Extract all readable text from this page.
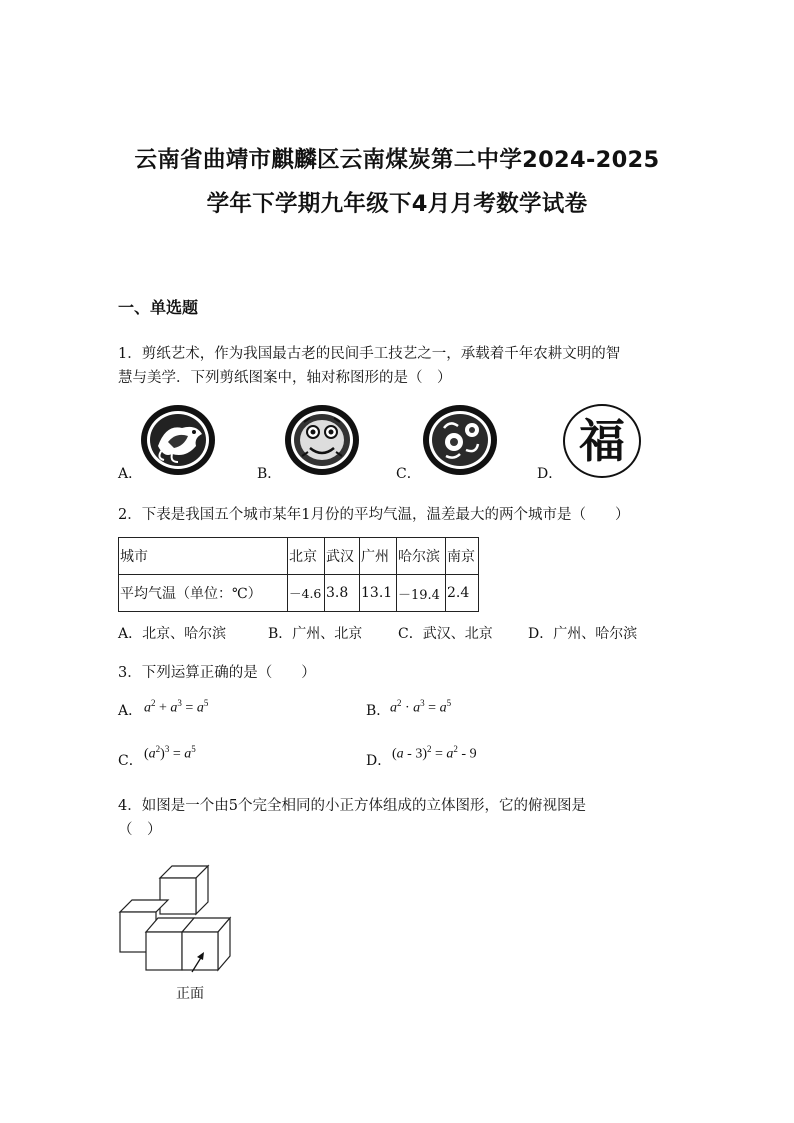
云南省曲靖市麒麟区云南煤炭第二中学2024-2025
学年下学期九年级下4月月考数学试卷
一、单选题
1．剪纸艺术，作为我国最古老的民间手工技艺之一，承载着千年农耕文明的智
慧与美学．下列剪纸图案中，轴对称图形的是（　）
A．	B．	C．	D．
福
2．下表是我国五个城市某年1月份的平均气温，温差最大的两个城市是（　　）
城市	北京	武汉	广州	哈尔滨	南京
平均气温（单位：℃）	－4.6	3.8	13.1	－19.4	2.4
A．北京、哈尔滨	B．广州、北京	C．武汉、北京	D．广州、哈尔滨
3．下列运算正确的是（　　）
A． $a^2 + a^3 = a^5$	B． $a^2 \cdot a^3 = a^5$
C． $(a^2)^3 = a^5$
D． $(a - 3)^2 = a^2 - 9$
4．如图是一个由5个完全相同的小正方体组成的立体图形，它的俯视图是
（　）
正面
